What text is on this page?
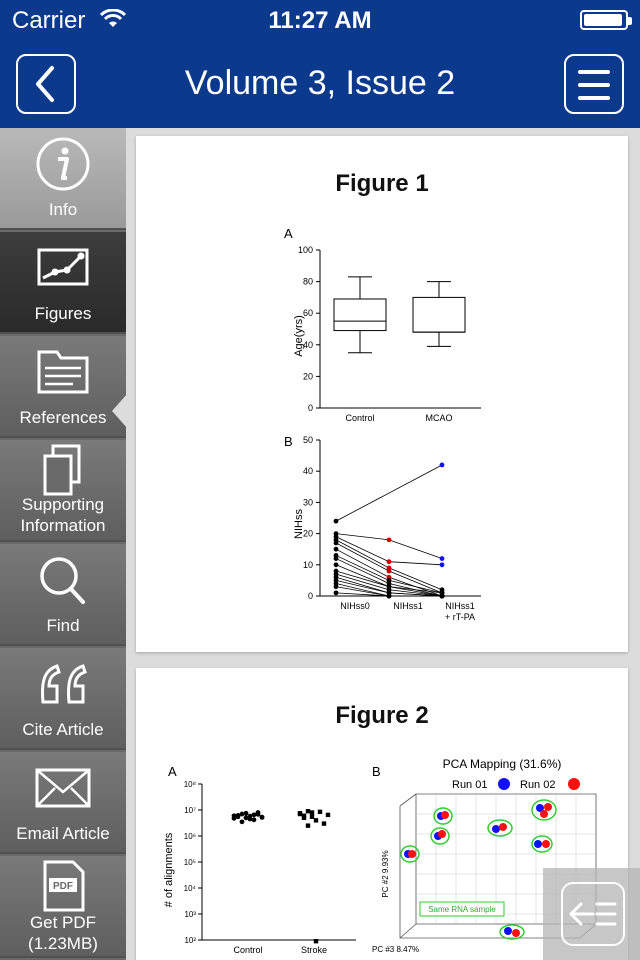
Carrier	11:27 AM
Volume 3, Issue 2
Info
Figures
References
Supporting Information
Find
Cite Article
Email Article
PDF
Get PDF (1.23MB)
Figure 1
A
Age(yrs)
0
20
40
60
80
100
Control	MCAO
B
NIHss
0
10
20
30
40
50
NIHss0	NIHss1 NIHss1
+ rT-PA
Figure 2
A
# of alignments
10⁸
10⁷
10⁶
10⁵
10⁴
10³
10²
Control	Stroke
B	PCA Mapping (31.6%)
Run 01	Run 02
PC #2 9.93%
PC #3 8.47%
Same RNA sample
